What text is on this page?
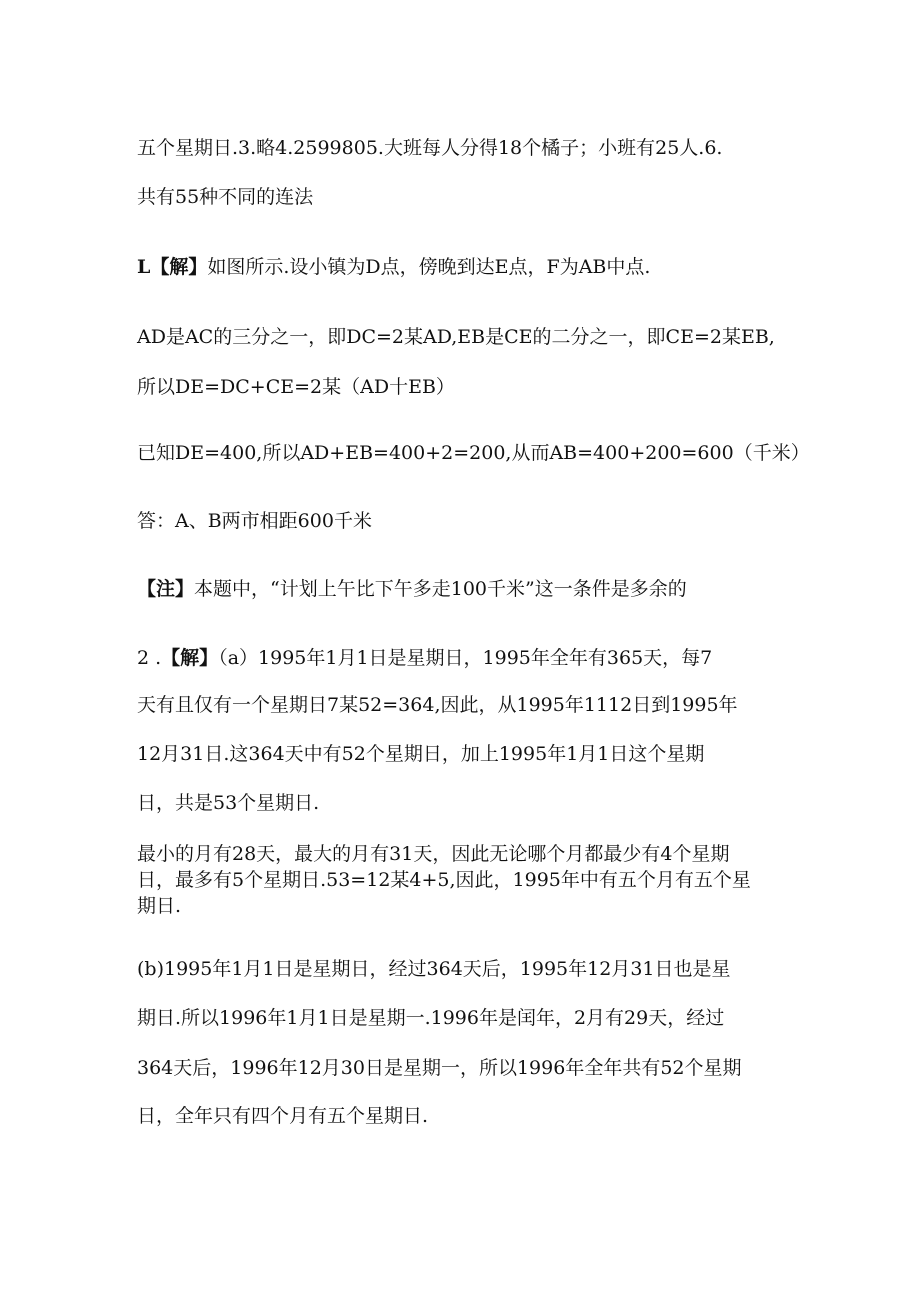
五个星期日.3.略4.2599805.大班每人分得18个橘子；小班有25人.6.
共有55种不同的连法
L【解】如图所示.设小镇为D点，傍晚到达E点，F为AB中点.
AD是AC的三分之一，即DC=2某AD,EB是CE的二分之一，即CE=2某EB,
所以DE=DC+CE=2某（AD十EB）
已知DE=400,所以AD+EB=400+2=200,从而AB=400+200=600（千米）
答：A、B两市相距600千米
【注】本题中，“计划上午比下午多走100千米”这一条件是多余的
2 .【解】（a）1995年1月1日是星期日，1995年全年有365天，每7
天有且仅有一个星期日7某52=364,因此，从1995年1112日到1995年
12月31日.这364天中有52个星期日，加上1995年1月1日这个星期
日，共是53个星期日.
最小的月有28天，最大的月有31天，因此无论哪个月都最少有4个星期
日，最多有5个星期日.53=12某4+5,因此，1995年中有五个月有五个星
期日.
(b)1995年1月1日是星期日，经过364天后，1995年12月31日也是星
期日.所以1996年1月1日是星期一.1996年是闰年，2月有29天，经过
364天后，1996年12月30日是星期一，所以1996年全年共有52个星期
日，全年只有四个月有五个星期日.
